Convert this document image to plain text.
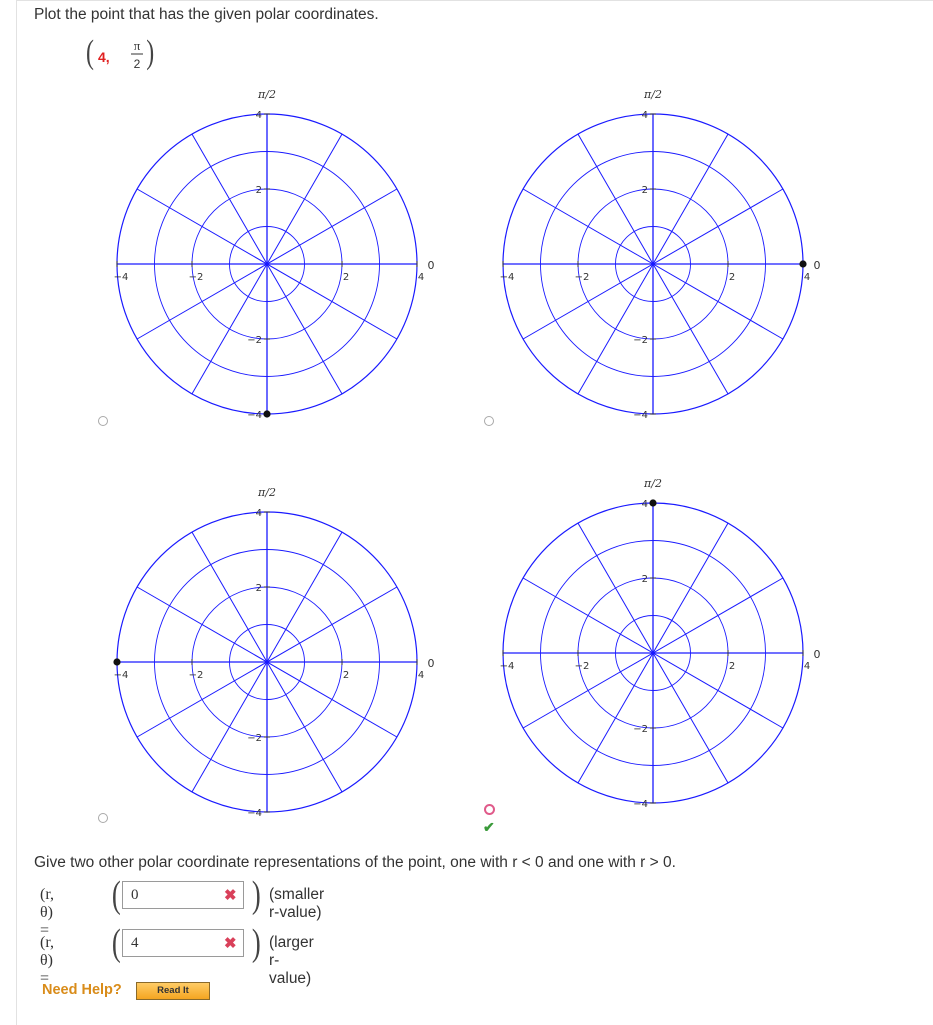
Plot the point that has the given polar coordinates.
( 4,
π
2 )
−4	−2	2	4
4
2
−2
−4
π/2
0
−4	−2	2	4
4
2
−2
−4
π/2
0
−4	−2	2	4
4
2
−2
−4
π/2
0	−4	−2	2	4
4
2
−2
−4
π/2
0
✔
Give two other polar coordinate representations of the point, one with r < 0 and one with r > 0.
(r, θ) =
(
0	✖ ) (smaller r-value)
(r, θ) =
(
4	✖ ) (larger r-value)
Need Help?	Read It
